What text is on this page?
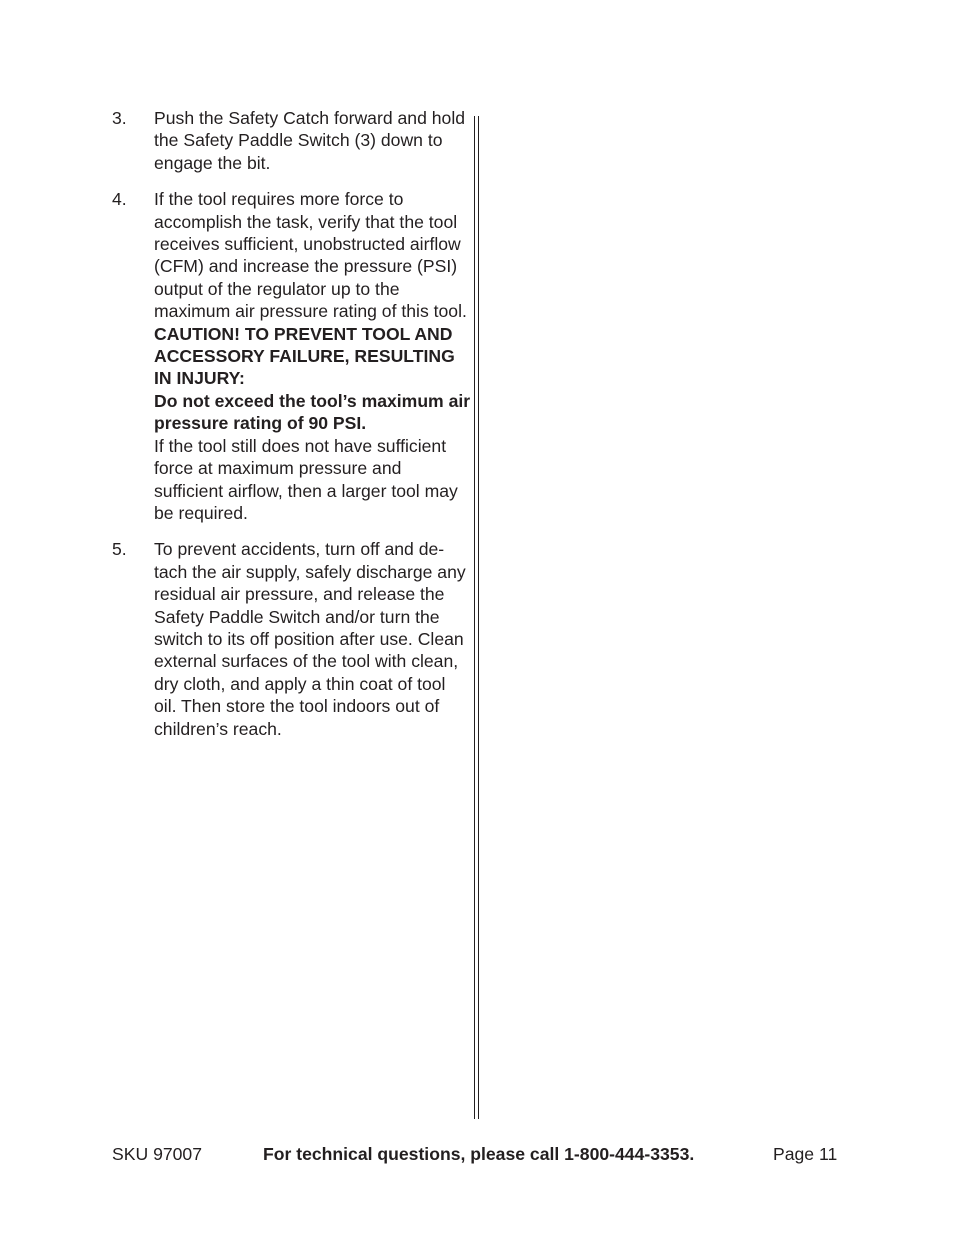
3. Push the Safety Catch forward and hold the Safety Paddle Switch (3) down to engage the bit.

4. If the tool requires more force to accomplish the task, verify that the tool receives sufficient, unobstructed airflow (CFM) and increase the pressure (PSI) output of the regulator up to the maximum air pressure rating of this tool.

CAUTION! TO PREVENT TOOL AND ACCESSORY FAILURE, RESULTING IN INJURY:

Do not exceed the tool’s maximum air pressure rating of 90 PSI.

If the tool still does not have sufficient force at maximum pressure and sufficient airflow, then a larger tool may be required.

5. To prevent accidents, turn off and de-tach the air supply, safely discharge any residual air pressure, and release the Safety Paddle Switch and/or turn the switch to its off position after use. Clean external surfaces of the tool with clean, dry cloth, and apply a thin coat of tool oil. Then store the tool indoors out of children’s reach.

SKU 97007	For technical questions, please call 1-800-444-3353.	Page 11
